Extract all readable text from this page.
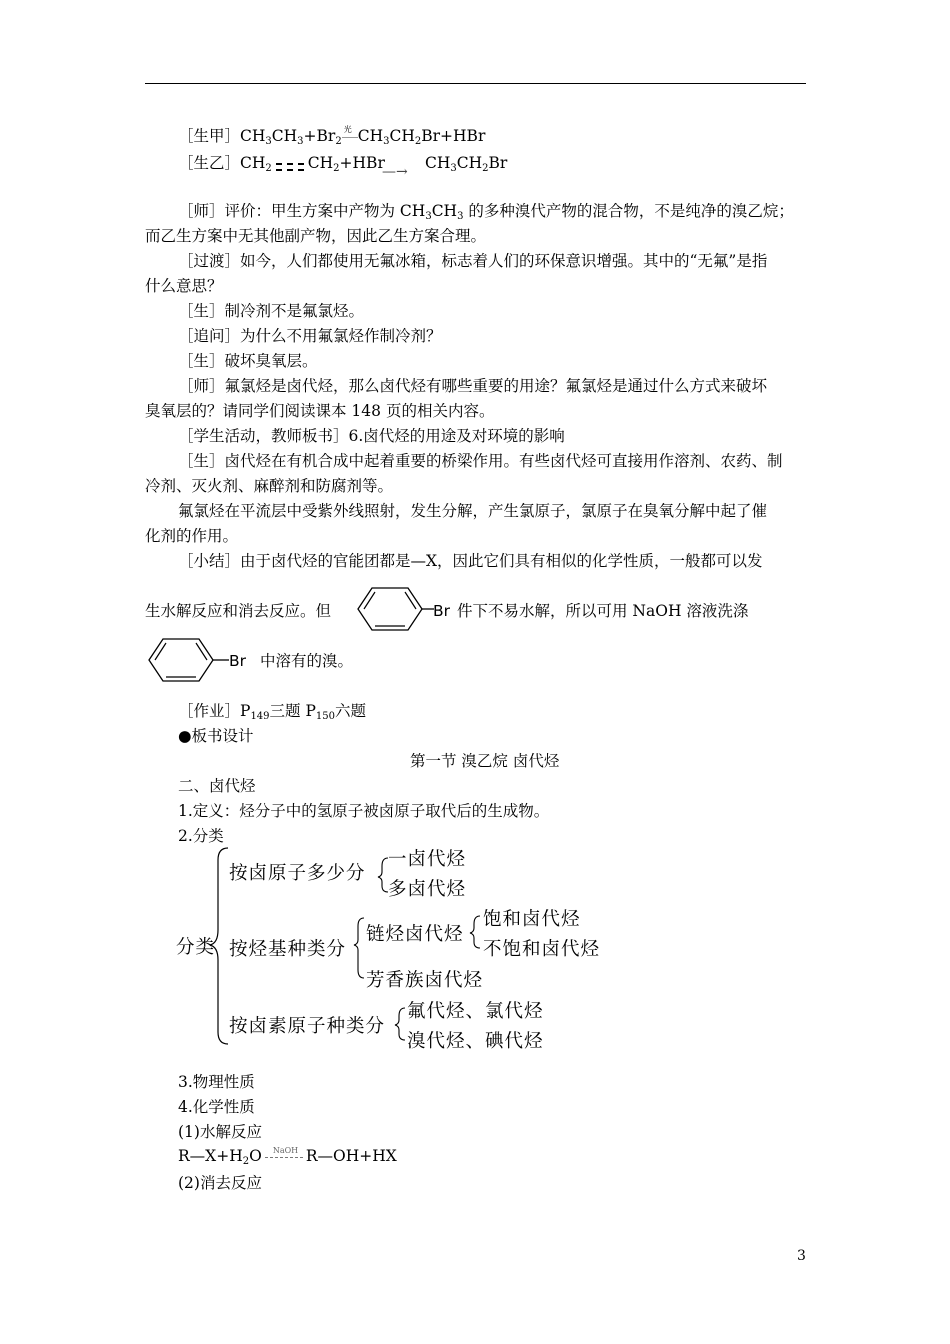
［生甲$]CH_3CH_3+Br_2$
光 $CH_3CH_2Br+HBr$
［生乙$]CH_2$ $CH_2+HBr$
—→ $CH_3CH_2Br$
［师］评价：甲生方案中产物为 $CH_3CH_3$ 的多种溴代产物的混合物，不是纯净的溴乙烷；
而乙生方案中无其他副产物，因此乙生方案合理。
［过渡］如今，人们都使用无氟冰箱，标志着人们的环保意识增强。其中的“无氟”是指
什么意思？
［生］制冷剂不是氟氯烃。
［追问］为什么不用氟氯烃作制冷剂？
［生］破坏臭氧层。
［师］氟氯烃是卤代烃，那么卤代烃有哪些重要的用途？氟氯烃是通过什么方式来破坏
臭氧层的？请同学们阅读课本 148 页的相关内容。
［学生活动，教师板书］6.卤代烃的用途及对环境的影响
［生］卤代烃在有机合成中起着重要的桥梁作用。有些卤代烃可直接用作溶剂、农药、制
冷剂、灭火剂、麻醉剂和防腐剂等。
氟氯烃在平流层中受紫外线照射，发生分解，产生氯原子，氯原子在臭氧分解中起了催
化剂的作用。
［小结］由于卤代烃的官能团都是—X，因此它们具有相似的化学性质，一般都可以发
生水解反应和消去反应。但	Br 件下不易水解，所以可用 NaOH 溶液洗涤
Br 中溶有的溴。
［作业$]P_{149}$三题 $P_{150}$六题
●板书设计
第一节 溴乙烷 卤代烃
二、卤代烃
1.定义：烃分子中的氢原子被卤原子取代后的生成物。
2.分类
分类
按卤原子多少分
一卤代烃
多卤代烃
按烃基种类分
链烃卤代烃
饱和卤代烃
不饱和卤代烃
芳香族卤代烃
按卤素原子种类分
氟代烃、氯代烃
溴代烃、碘代烃
3.物理性质
4.化学性质
(1)水解反应
$R—X+H_2O$ NaOH R—OH+HX
(2)消去反应
3
